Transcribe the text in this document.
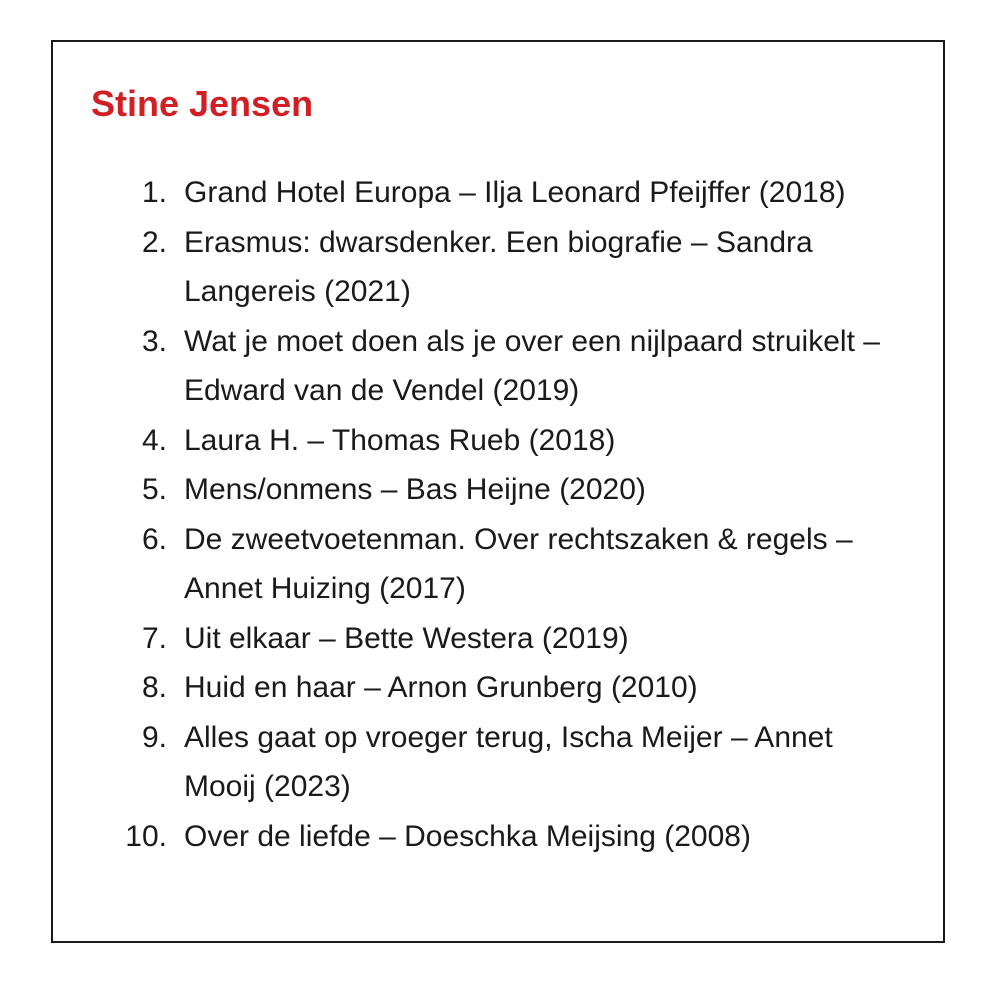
Stine Jensen
1. Grand Hotel Europa – Ilja Leonard Pfeijffer (2018)
2. Erasmus: dwarsdenker. Een biografie – Sandra Langereis (2021)
3. Wat je moet doen als je over een nijlpaard struikelt – Edward van de Vendel (2019)
4. Laura H. – Thomas Rueb (2018)
5. Mens/onmens – Bas Heijne (2020)
6. De zweetvoetenman. Over rechtszaken & regels – Annet Huizing (2017)
7. Uit elkaar – Bette Westera (2019)
8. Huid en haar – Arnon Grunberg (2010)
9. Alles gaat op vroeger terug, Ischa Meijer – Annet Mooij (2023)
10. Over de liefde – Doeschka Meijsing (2008)
